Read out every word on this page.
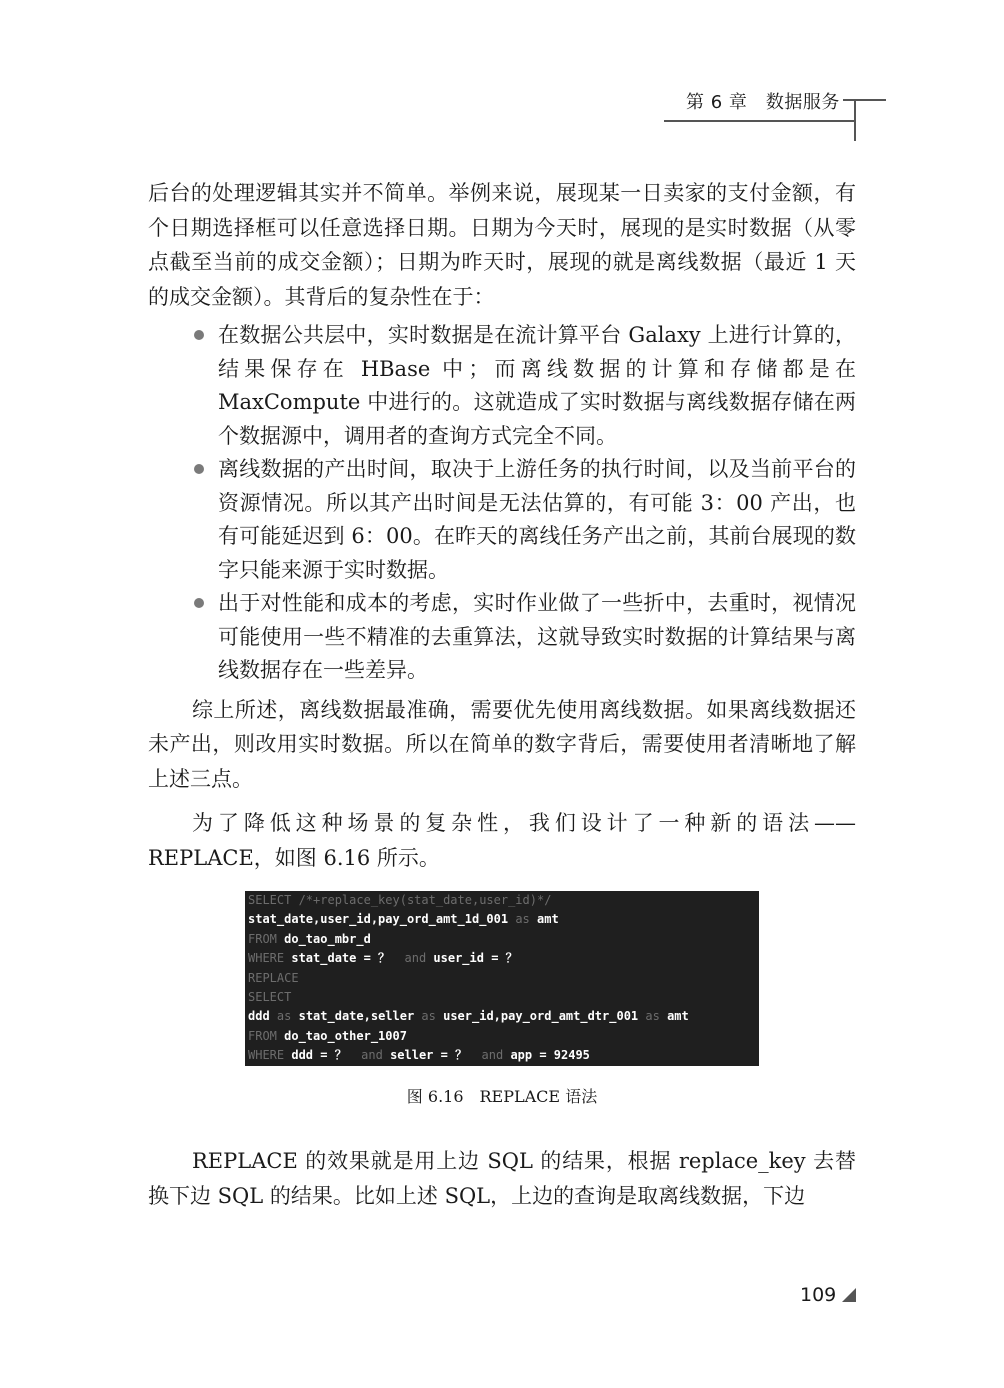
第 6 章　数据服务

后台的处理逻辑其实并不简单。举例来说，展现某一日卖家的支付金额，有个日期选择框可以任意选择日期。日期为今天时，展现的是实时数据（从零点截至当前的成交金额）；日期为昨天时，展现的就是离线数据（最近 1 天的成交金额）。其背后的复杂性在于：

在数据公共层中，实时数据是在流计算平台 Galaxy 上进行计算的，结果保存在 HBase 中；而离线数据的计算和存储都是在 MaxCompute 中进行的。这就造成了实时数据与离线数据存储在两个数据源中，调用者的查询方式完全不同。
离线数据的产出时间，取决于上游任务的执行时间，以及当前平台的资源情况。所以其产出时间是无法估算的，有可能 3：00 产出，也有可能延迟到 6：00。在昨天的离线任务产出之前，其前台展现的数字只能来源于实时数据。
出于对性能和成本的考虑，实时作业做了一些折中，去重时，视情况可能使用一些不精准的去重算法，这就导致实时数据的计算结果与离线数据存在一些差异。

综上所述，离线数据最准确，需要优先使用离线数据。如果离线数据还未产出，则改用实时数据。所以在简单的数字背后，需要使用者清晰地了解上述三点。

为了降低这种场景的复杂性，我们设计了一种新的语法——REPLACE，如图 6.16 所示。

SELECT /*+replace_key(stat_date,user_id)*/
stat_date,user_id,pay_ord_amt_1d_001 as amt
FROM do_tao_mbr_d
WHERE stat_date = ？  and user_id = ？
REPLACE
SELECT
ddd as stat_date,seller as user_id,pay_ord_amt_dtr_001 as amt
FROM do_tao_other_1007
WHERE ddd = ？  and seller = ？  and app = 92495
图 6.16　REPLACE 语法

REPLACE 的效果就是用上边 SQL 的结果，根据 replace_key 去替换下边 SQL 的结果。比如上述 SQL，上边的查询是取离线数据，下边

109
